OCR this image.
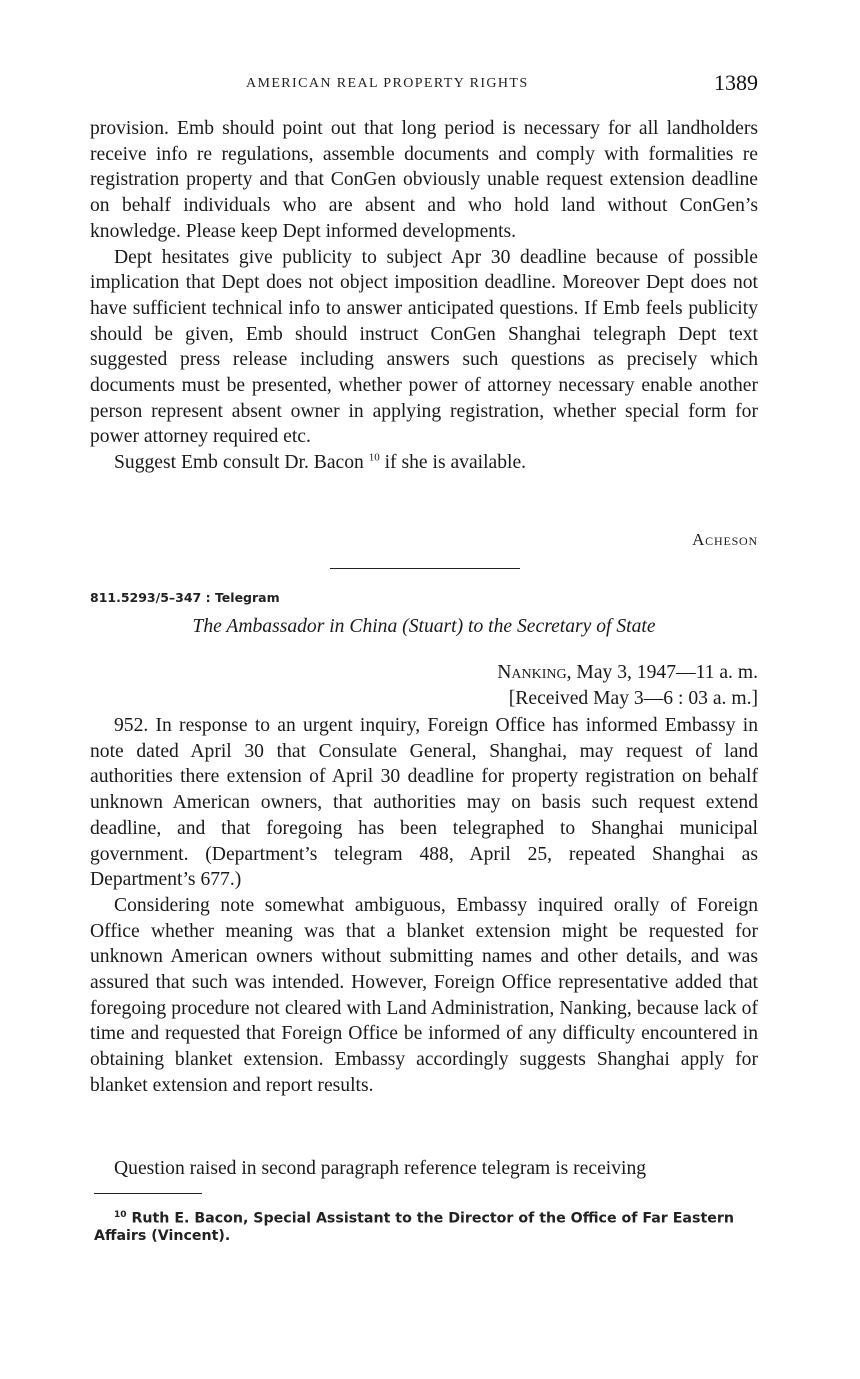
AMERICAN REAL PROPERTY RIGHTS	1389

provision. Emb should point out that long period is necessary for all landholders receive info re regulations, assemble documents and comply with formalities re registration property and that ConGen obviously unable request extension deadline on behalf individuals who are absent and who hold land without ConGen’s knowledge. Please keep Dept informed developments.

Dept hesitates give publicity to subject Apr 30 deadline because of possible implication that Dept does not object imposition deadline. Moreover Dept does not have sufficient technical info to answer anticipated questions. If Emb feels publicity should be given, Emb should instruct ConGen Shanghai telegraph Dept text suggested press release including answers such questions as precisely which documents must be presented, whether power of attorney necessary enable another person represent absent owner in applying registration, whether special form for power attorney required etc.

Suggest Emb consult Dr. Bacon $^{10}$ if she is available.

Acheson
811.5293/5–347 : Telegram
The Ambassador in China (Stuart) to the Secretary of State
Nanking, May 3, 1947—11 a. m.
[Received May 3—6 : 03 a. m.]

952. In response to an urgent inquiry, Foreign Office has informed Embassy in note dated April 30 that Consulate General, Shanghai, may request of land authorities there extension of April 30 deadline for property registration on behalf unknown American owners, that authorities may on basis such request extend deadline, and that foregoing has been telegraphed to Shanghai municipal government. (Department’s telegram 488, April 25, repeated Shanghai as Department’s 677.)

Considering note somewhat ambiguous, Embassy inquired orally of Foreign Office whether meaning was that a blanket extension might be requested for unknown American owners without submitting names and other details, and was assured that such was intended. However, Foreign Office representative added that foregoing procedure not cleared with Land Administration, Nanking, because lack of time and requested that Foreign Office be informed of any difficulty encountered in obtaining blanket extension. Embassy accordingly suggests Shanghai apply for blanket extension and report results.

Question raised in second paragraph reference telegram is receiving
$^{10}$ Ruth E. Bacon, Special Assistant to the Director of the Office of Far Eastern Affairs (Vincent).
